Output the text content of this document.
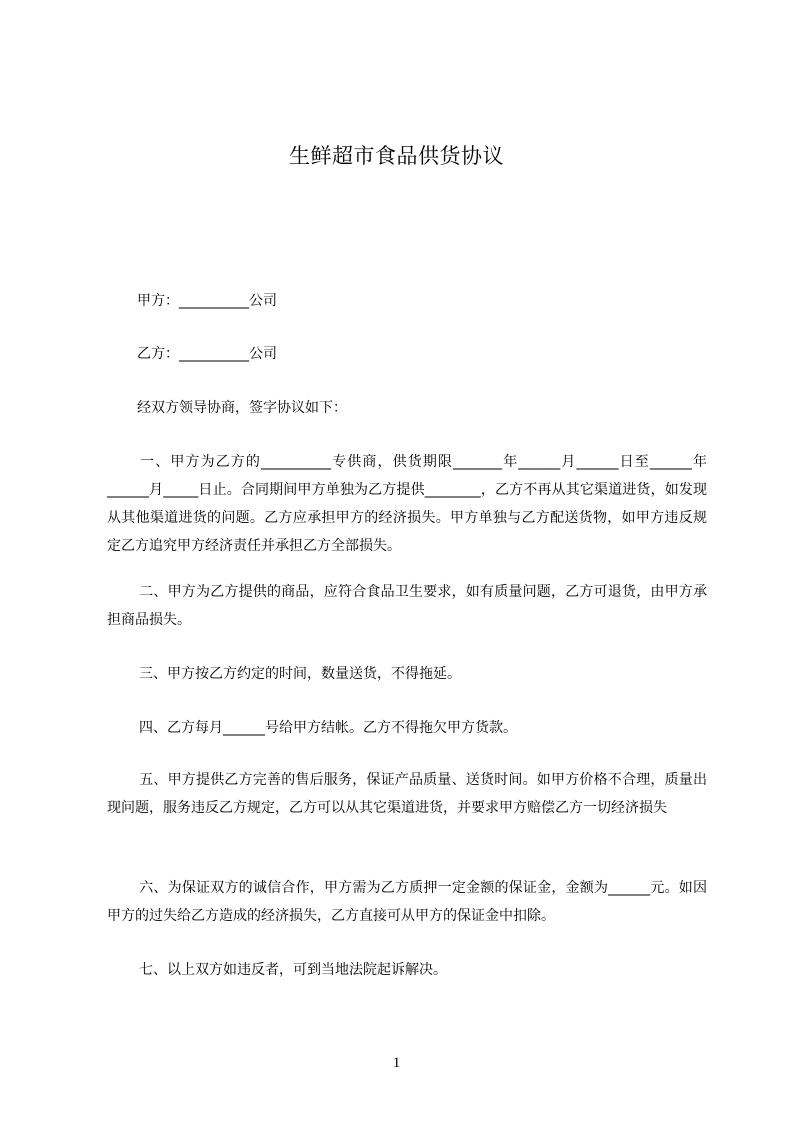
生鲜超市食品供货协议
甲方：__________公司
乙方：__________公司
经双方领导协商，签字协议如下：
一、甲方为乙方的__________专供商，供货期限_______年______月______日至______年______月_____日止。合同期间甲方单独为乙方提供________，乙方不再从其它渠道进货，如发现从其他渠道进货的问题。乙方应承担甲方的经济损失。甲方单独与乙方配送货物，如甲方违反规定乙方追究甲方经济责任并承担乙方全部损失。
二、甲方为乙方提供的商品，应符合食品卫生要求，如有质量问题，乙方可退货，由甲方承担商品损失。
三、甲方按乙方约定的时间，数量送货，不得拖延。
四、乙方每月______号给甲方结帐。乙方不得拖欠甲方货款。
五、甲方提供乙方完善的售后服务，保证产品质量、送货时间。如甲方价格不合理，质量出现问题，服务违反乙方规定，乙方可以从其它渠道进货，并要求甲方赔偿乙方一切经济损失
六、为保证双方的诚信合作，甲方需为乙方质押一定金额的保证金，金额为______元。如因甲方的过失给乙方造成的经济损失，乙方直接可从甲方的保证金中扣除。
七、以上双方如违反者，可到当地法院起诉解决。
1
